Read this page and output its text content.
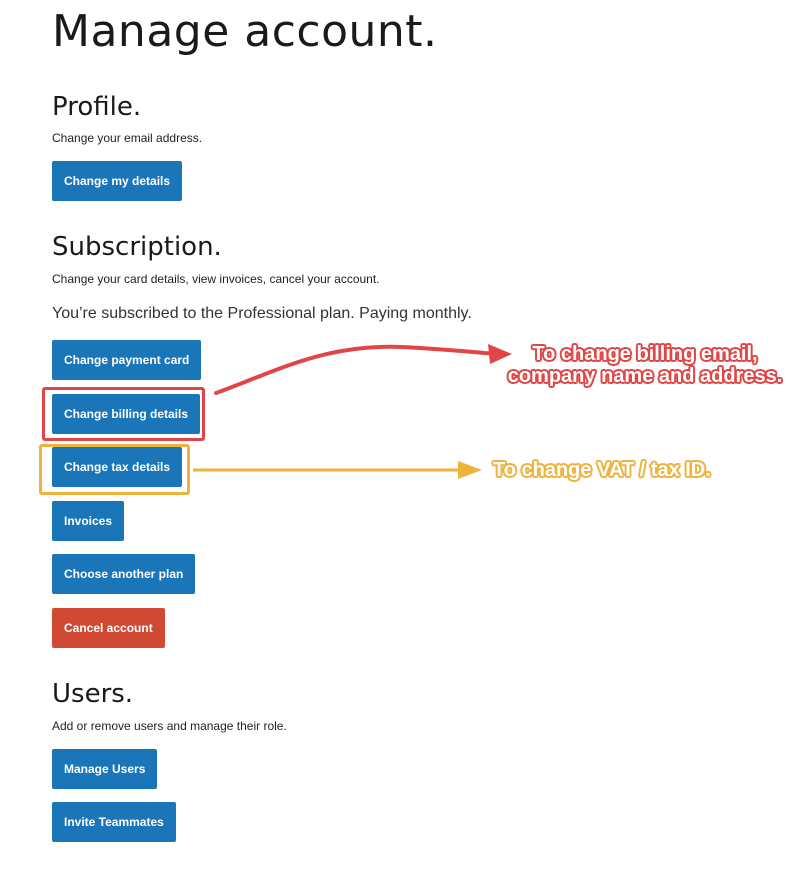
Manage account.
Profile.
Change your email address.
Change my details
Subscription.
Change your card details, view invoices, cancel your account.
You’re subscribed to the Professional plan. Paying monthly.
Change payment card
Change billing details
Change tax details
Invoices
Choose another plan
Cancel account
Users.
Add or remove users and manage their role.
Manage Users
Invite Teammates
To change billing email,
company name and address.
To change VAT / tax ID.
